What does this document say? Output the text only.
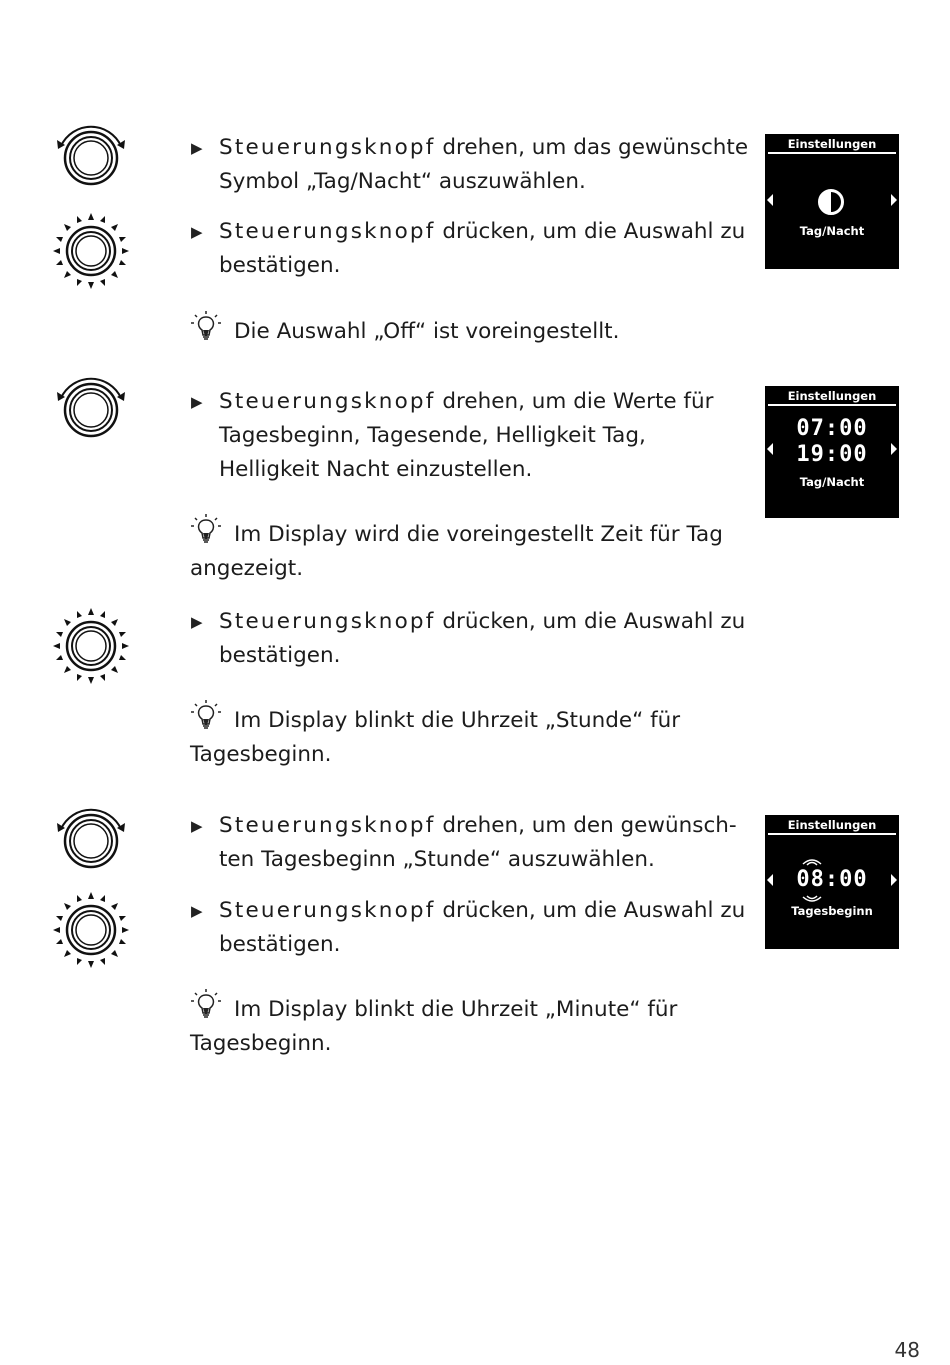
▶ Steuerungsknopf drehen, um das gewünschte Symbol „Tag/Nacht“ auszuwählen.
▶ Steuerungsknopf drücken, um die Auswahl zu bestätigen.
▶ Steuerungsknopf drehen, um die Werte für Tagesbeginn, Tagesende, Helligkeit Tag, Helligkeit Nacht einzustellen.
▶ Steuerungsknopf drücken, um die Auswahl zu bestätigen.
▶ Steuerungsknopf drehen, um den gewünsch-ten Tagesbeginn „Stunde“ auszuwählen.
▶ Steuerungsknopf drücken, um die Auswahl zu bestätigen.
Die Auswahl „Off“ ist voreingestellt.
Im Display wird die voreingestellt Zeit für Tag angezeigt.
Im Display blinkt die Uhrzeit „Stunde“ für Tagesbeginn.
Im Display blinkt die Uhrzeit „Minute“ für Tagesbeginn.
Einstellungen
Tag/Nacht
Einstellungen
07:00
19:00
Tag/Nacht
Einstellungen
08:00
Tagesbeginn
48
